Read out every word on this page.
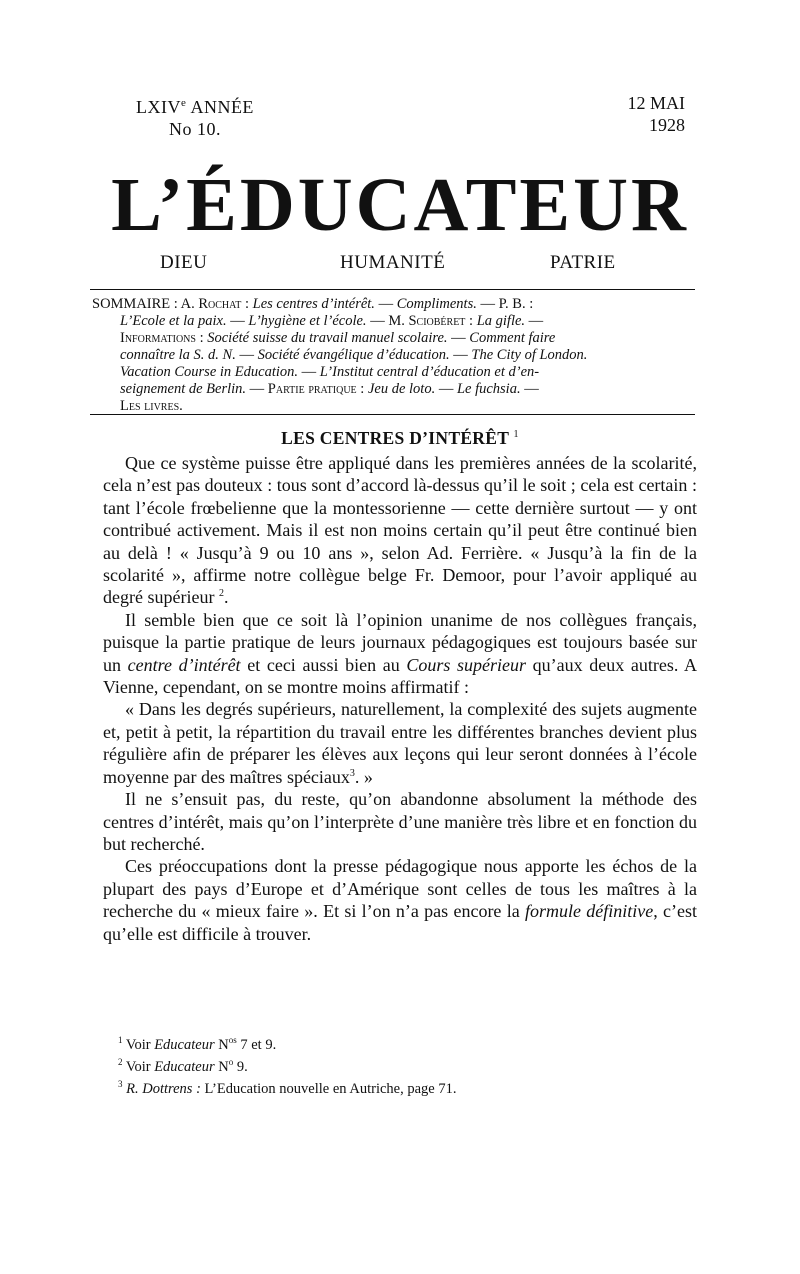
LXIVe ANNÉE
No 10.
12 MAI
1928
L’ÉDUCATEUR
DIEU	HUMANITÉ	PATRIE
SOMMAIRE : A. Rochat : Les centres d’intérêt. — Compliments. — P. B. :
L’Ecole et la paix. — L’hygiène et l’école. — M. Sciobéret : La gifle. —
Informations : Société suisse du travail manuel scolaire. — Comment faire
connaître la S. d. N. — Société évangélique d’éducation. — The City of London.
Vacation Course in Education. — L’Institut central d’éducation et d’en-
seignement de Berlin. — Partie pratique : Jeu de loto. — Le fuchsia. —
Les livres.
LES CENTRES D’INTÉRÊT $^1$

Que ce système puisse être appliqué dans les premières années de la scolarité, cela n’est pas douteux : tous sont d’accord là-dessus qu’il le soit ; cela est certain : tant l’école frœbelienne que la montessorienne — cette dernière surtout — y ont contribué activement. Mais il est non moins certain qu’il peut être continué bien au delà ! « Jusqu’à 9 ou 10 ans », selon Ad. Ferrière. « Jusqu’à la fin de la scolarité », affirme notre collègue belge Fr. Demoor, pour l’avoir appliqué au degré supérieur $^2$.

Il semble bien que ce soit là l’opinion unanime de nos collègues français, puisque la partie pratique de leurs journaux pédagogiques est toujours basée sur un centre d’intérêt et ceci aussi bien au Cours supérieur qu’aux deux autres. A Vienne, cependant, on se montre moins affirmatif :

« Dans les degrés supérieurs, naturellement, la complexité des sujets augmente et, petit à petit, la répartition du travail entre les différentes branches devient plus régulière afin de préparer les élèves aux leçons qui leur seront données à l’école moyenne par des maîtres spéciaux$^3$. »

Il ne s’ensuit pas, du reste, qu’on abandonne absolument la méthode des centres d’intérêt, mais qu’on l’interprète d’une manière très libre et en fonction du but recherché.

Ces préoccupations dont la presse pédagogique nous apporte les échos de la plupart des pays d’Europe et d’Amérique sont celles de tous les maîtres à la recherche du « mieux faire ». Et si l’on n’a pas encore la formule définitive, c’est qu’elle est difficile à trouver.

$^1$ Voir Educateur $N^{os}$ 7 et 9.
$^2$ Voir Educateur $N^o$ 9.
$^3$ R. Dottrens : L’Education nouvelle en Autriche, page 71.
